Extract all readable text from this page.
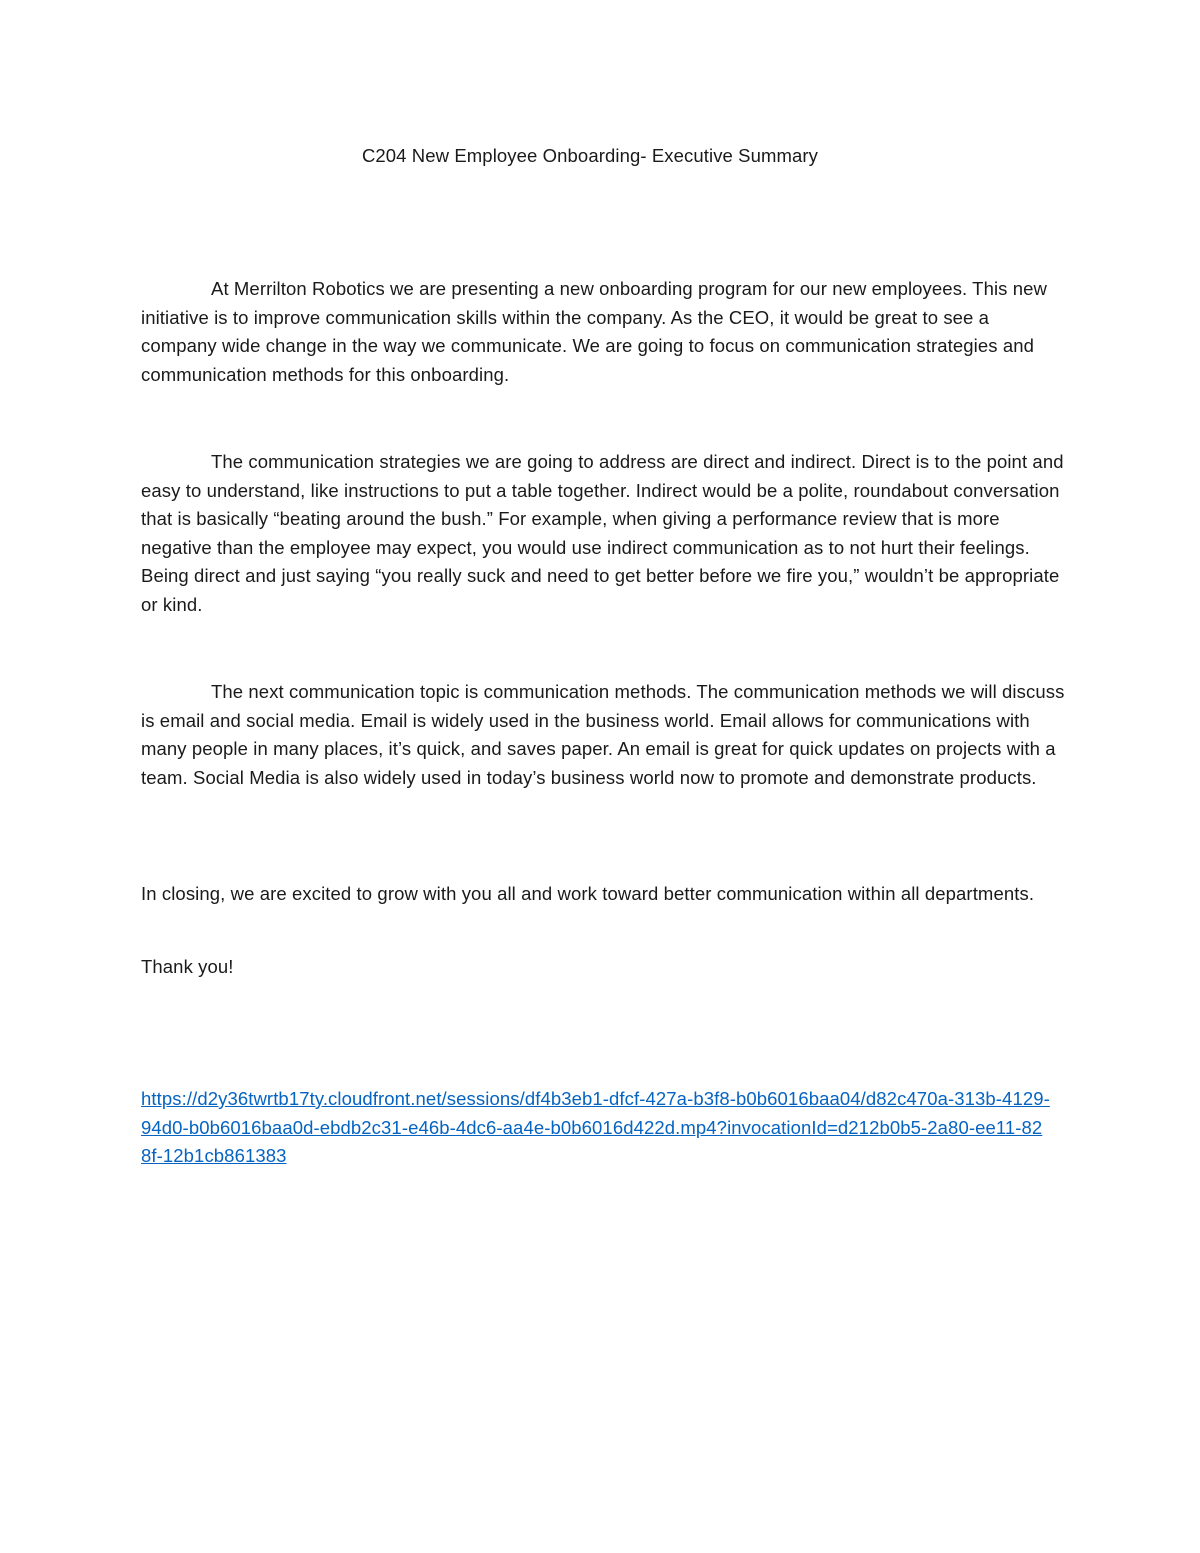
C204 New Employee Onboarding- Executive Summary

At Merrilton Robotics we are presenting a new onboarding program for our new employees. This new initiative is to improve communication skills within the company. As the CEO, it would be great to see a company wide change in the way we communicate. We are going to focus on communication strategies and communication methods for this onboarding.

The communication strategies we are going to address are direct and indirect. Direct is to the point and easy to understand, like instructions to put a table together. Indirect would be a polite, roundabout conversation that is basically “beating around the bush.” For example, when giving a performance review that is more negative than the employee may expect, you would use indirect communication as to not hurt their feelings. Being direct and just saying “you really suck and need to get better before we fire you,” wouldn’t be appropriate or kind.

The next communication topic is communication methods. The communication methods we will discuss is email and social media. Email is widely used in the business world. Email allows for communications with many people in many places, it’s quick, and saves paper. An email is great for quick updates on projects with a team. Social Media is also widely used in today’s business world now to promote and demonstrate products.

In closing, we are excited to grow with you all and work toward better communication within all departments.

Thank you!

https://d2y36twrtb17ty.cloudfront.net/sessions/df4b3eb1-dfcf-427a-b3f8-b0b6016baa04/d82c470a-313b-4129-94d0-b0b6016baa0d-ebdb2c31-e46b-4dc6-aa4e-b0b6016d422d.mp4?invocationId=d212b0b5-2a80-ee11-828f-12b1cb861383
